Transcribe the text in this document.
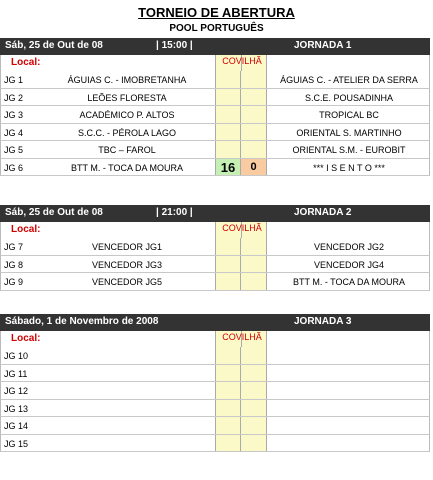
TORNEIO DE ABERTURA
POOL PORTUGUÊS
Sáb, 25 de Out de 08	| 15:00 |	JORNADA 1
Local:	COVILHÃ
JG 1	ÁGUIAS C. - IMOBRETANHA	ÁGUIAS C. - ATELIER DA SERRA
JG 2	LEÕES FLORESTA	S.C.E. POUSADINHA
JG 3	ACADÉMICO P. ALTOS	TROPICAL BC
JG 4	S.C.C. - PÉROLA LAGO	ORIENTAL S. MARTINHO
JG 5	TBC – FAROL	ORIENTAL S.M. - EUROBIT
JG 6	BTT M. - TOCA DA MOURA	16	0	*** I S E N T O ***
Sáb, 25 de Out de 08	| 21:00 |	JORNADA 2
Local:	COVILHÃ
JG 7	VENCEDOR JG1	VENCEDOR JG2
JG 8	VENCEDOR JG3	VENCEDOR JG4
JG 9	VENCEDOR JG5	BTT M. - TOCA DA MOURA
Sábado, 1 de Novembro de 2008	JORNADA 3
Local:	COVILHÃ
JG 10
JG 11
JG 12
JG 13
JG 14
JG 15
